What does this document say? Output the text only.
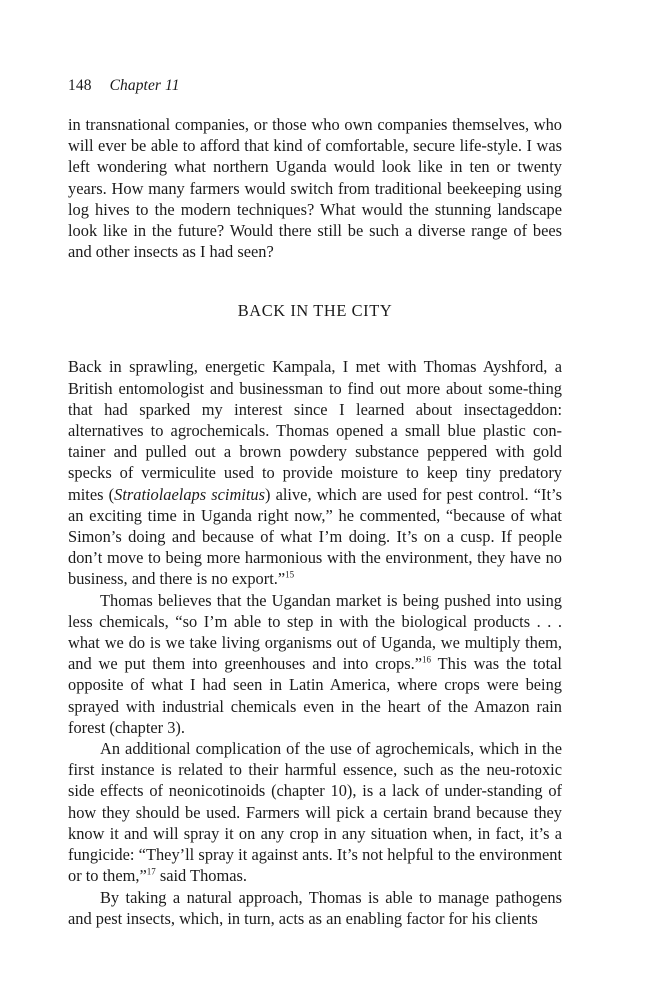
148 Chapter 11

in transnational companies, or those who own companies themselves, who will ever be able to afford that kind of comfortable, secure life-style. I was left wondering what northern Uganda would look like in ten or twenty years. How many farmers would switch from traditional beekeeping using log hives to the modern techniques? What would the stunning landscape look like in the future? Would there still be such a diverse range of bees and other insects as I had seen?

BACK IN THE CITY

Back in sprawling, energetic Kampala, I met with Thomas Ayshford, a British entomologist and businessman to find out more about some-thing that had sparked my interest since I learned about insectageddon: alternatives to agrochemicals. Thomas opened a small blue plastic con-tainer and pulled out a brown powdery substance peppered with gold specks of vermiculite used to provide moisture to keep tiny predatory mites (Stratiolaelaps scimitus) alive, which are used for pest control. “It’s an exciting time in Uganda right now,” he commented, “because of what Simon’s doing and because of what I’m doing. It’s on a cusp. If people don’t move to being more harmonious with the environment, they have no business, and there is no export.”$^{15}$

Thomas believes that the Ugandan market is being pushed into using less chemicals, “so I’m able to step in with the biological products . . . what we do is we take living organisms out of Uganda, we multiply them, and we put them into greenhouses and into crops.”$^{16}$ This was the total opposite of what I had seen in Latin America, where crops were being sprayed with industrial chemicals even in the heart of the Amazon rain forest (chapter 3).

An additional complication of the use of agrochemicals, which in the first instance is related to their harmful essence, such as the neu-rotoxic side effects of neonicotinoids (chapter 10), is a lack of under-standing of how they should be used. Farmers will pick a certain brand because they know it and will spray it on any crop in any situation when, in fact, it’s a fungicide: “They’ll spray it against ants. It’s not helpful to the environment or to them,”$^{17}$ said Thomas.

By taking a natural approach, Thomas is able to manage pathogens and pest insects, which, in turn, acts as an enabling factor for his clients
